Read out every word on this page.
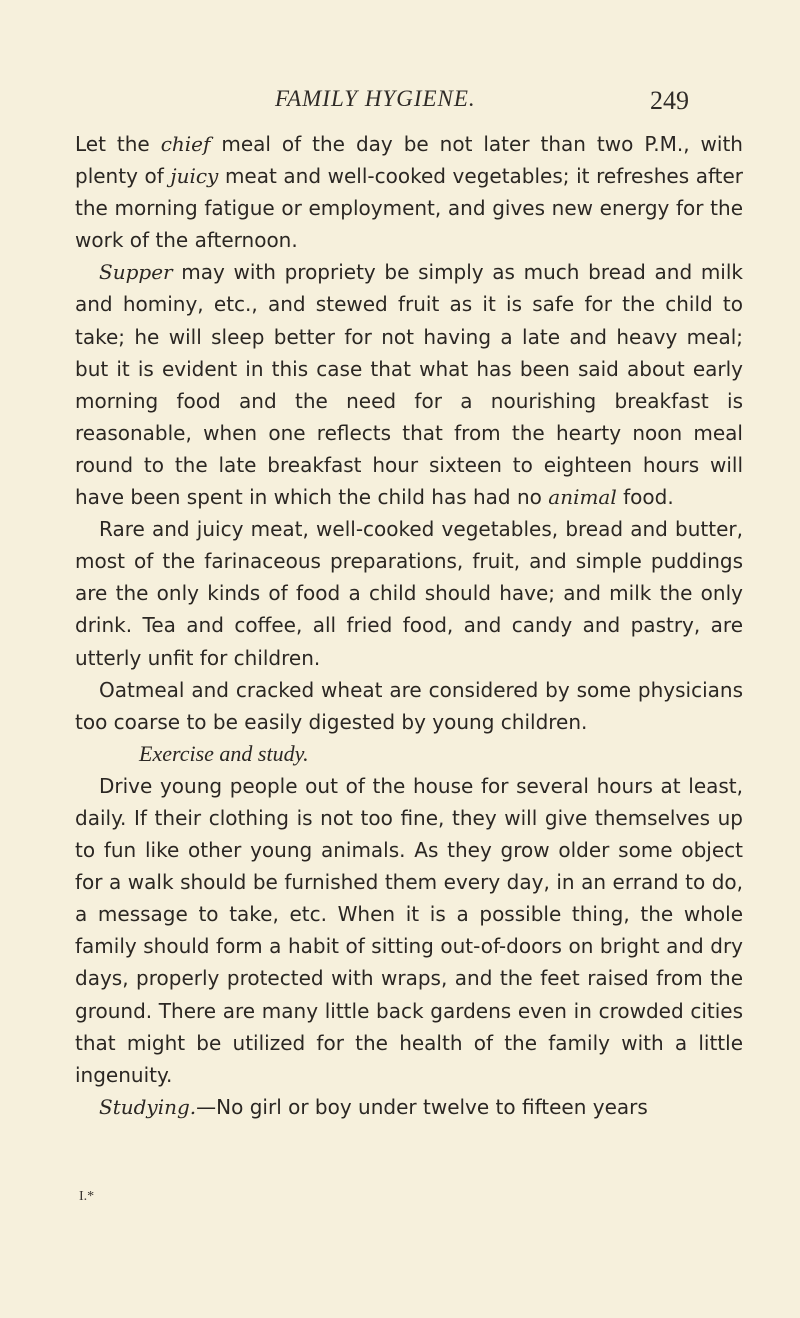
FAMILY HYGIENE.	249

Let the chief meal of the day be not later than two P.M., with plenty of juicy meat and well-cooked vegetables; it refreshes after the morning fatigue or employment, and gives new energy for the work of the afternoon.

Supper may with propriety be simply as much bread and milk and hominy, etc., and stewed fruit as it is safe for the child to take; he will sleep better for not having a late and heavy meal; but it is evident in this case that what has been said about early morning food and the need for a nourishing breakfast is reasonable, when one reflects that from the hearty noon meal round to the late breakfast hour sixteen to eighteen hours will have been spent in which the child has had no animal food.

Rare and juicy meat, well-cooked vegetables, bread and butter, most of the farinaceous preparations, fruit, and simple puddings are the only kinds of food a child should have; and milk the only drink. Tea and coffee, all fried food, and candy and pastry, are utterly unfit for children.

Oatmeal and cracked wheat are considered by some physicians too coarse to be easily digested by young children.

Exercise and study.

Drive young people out of the house for several hours at least, daily. If their clothing is not too fine, they will give themselves up to fun like other young animals. As they grow older some object for a walk should be furnished them every day, in an errand to do, a message to take, etc. When it is a possible thing, the whole family should form a habit of sitting out-of-doors on bright and dry days, properly protected with wraps, and the feet raised from the ground. There are many little back gardens even in crowded cities that might be utilized for the health of the family with a little ingenuity.

Studying.—No girl or boy under twelve to fifteen years

I.*
